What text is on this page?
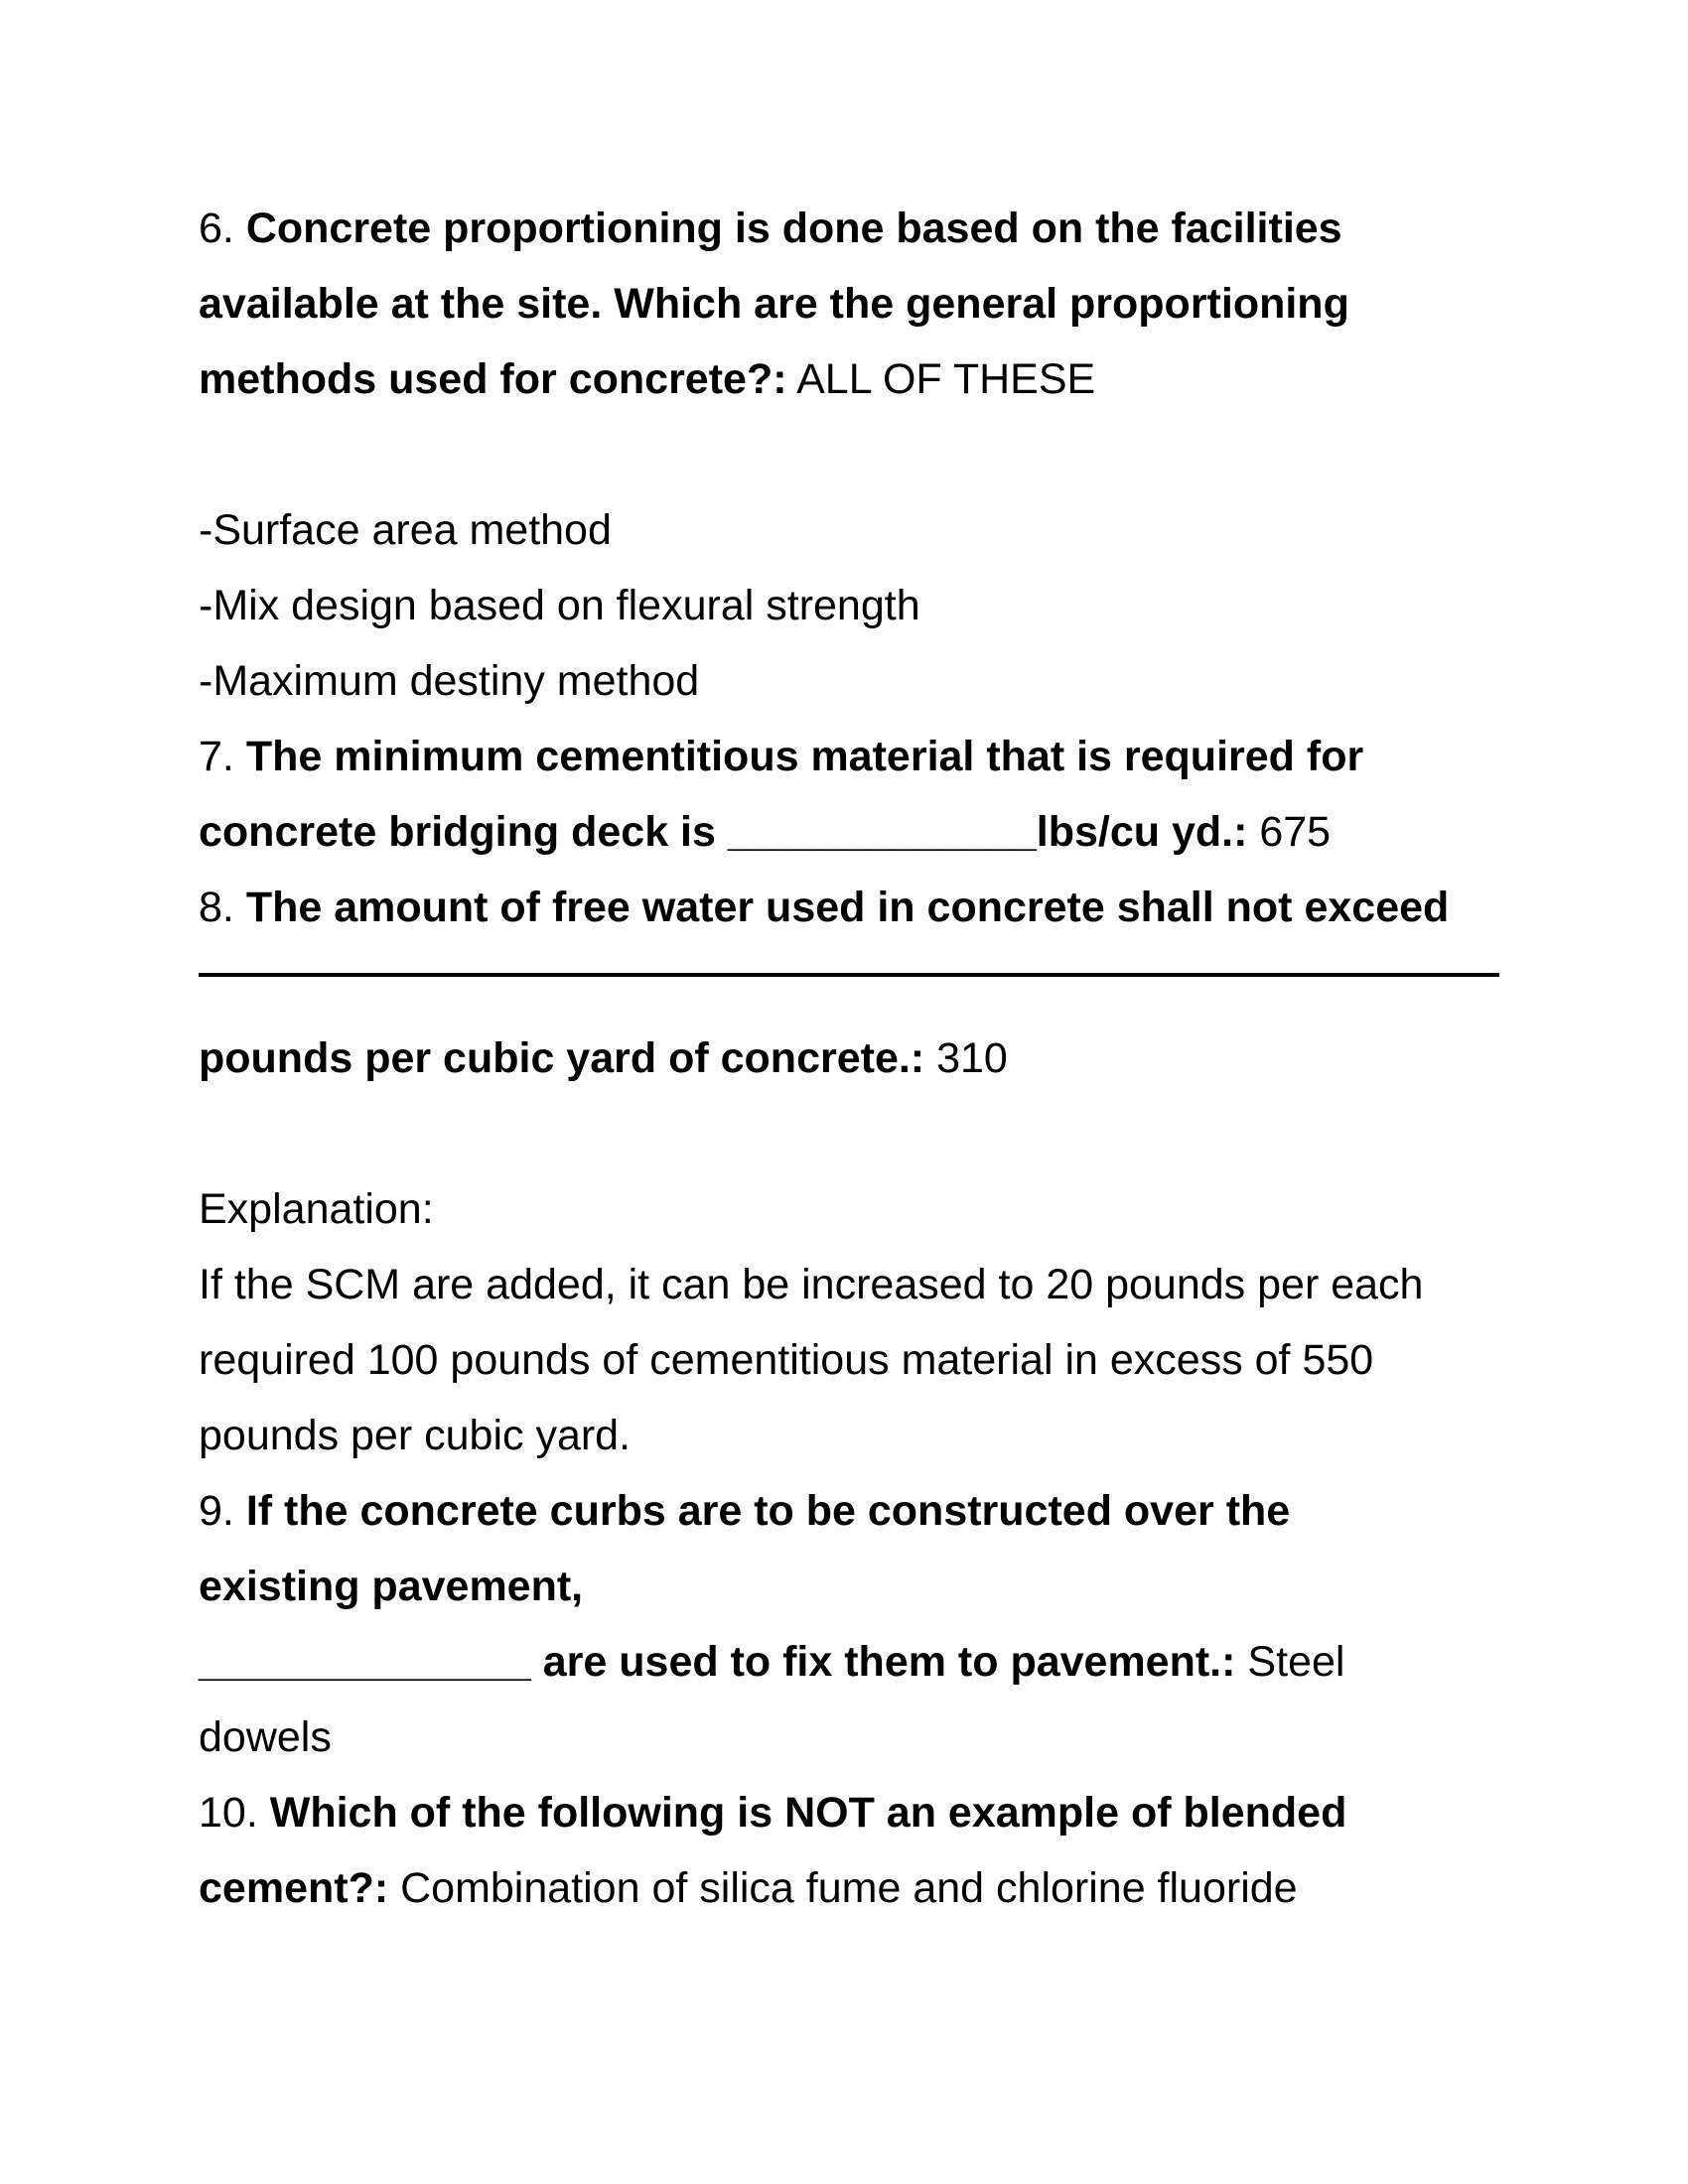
6. Concrete proportioning is done based on the facilities
available at the site. Which are the general proportioning
methods used for concrete?: ALL OF THESE
-Surface area method
-Mix design based on flexural strength
-Maximum destiny method
7. The minimum cementitious material that is required for
concrete bridging deck is _____________lbs/cu yd.: 675
8. The amount of free water used in concrete shall not exceed
pounds per cubic yard of concrete.: 310
Explanation:
If the SCM are added, it can be increased to 20 pounds per each
required 100 pounds of cementitious material in excess of 550
pounds per cubic yard.
9. If the concrete curbs are to be constructed over the
existing pavement,
______________ are used to fix them to pavement.: Steel
dowels
10. Which of the following is NOT an example of blended
cement?: Combination of silica fume and chlorine fluoride
